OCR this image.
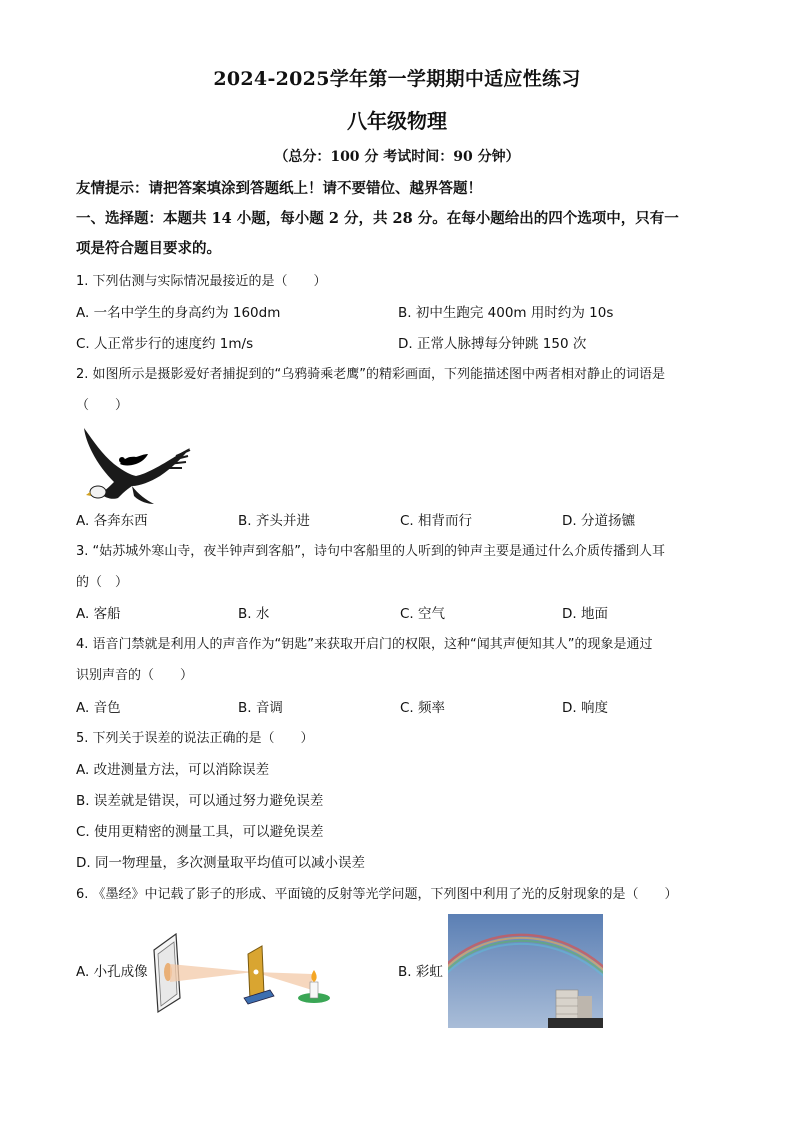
2024-2025学年第一学期期中适应性练习
八年级物理
（总分：100 分 考试时间：90 分钟）
友情提示：请把答案填涂到答题纸上！请不要错位、越界答题！
一、选择题：本题共 14 小题，每小题 2 分，共 28 分。在每小题给出的四个选项中，只有一
项是符合题目要求的。
1. 下列估测与实际情况最接近的是（　　）
A. 一名中学生的身高约为 160dm	B. 初中生跑完 400m 用时约为 10s
C. 人正常步行的速度约 1m/s	D. 正常人脉搏每分钟跳 150 次
2. 如图所示是摄影爱好者捕捉到的“乌鸦骑乘老鹰”的精彩画面，下列能描述图中两者相对静止的词语是
（　　）
A. 各奔东西	B. 齐头并进	C. 相背而行	D. 分道扬镳
3. “姑苏城外寒山寺，夜半钟声到客船”，诗句中客船里的人听到的钟声主要是通过什么介质传播到人耳
的（　）
A. 客船	B. 水	C. 空气	D. 地面
4. 语音门禁就是利用人的声音作为“钥匙”来获取开启门的权限，这种“闻其声便知其人”的现象是通过
识别声音的（　　）
A. 音色	B. 音调	C. 频率	D. 响度
5. 下列关于误差的说法正确的是（　　）
A. 改进测量方法，可以消除误差
B. 误差就是错误，可以通过努力避免误差
C. 使用更精密的测量工具，可以避免误差
D. 同一物理量，多次测量取平均值可以减小误差
6. 《墨经》中记载了影子的形成、平面镜的反射等光学问题，下列图中利用了光的反射现象的是（　　）
A. 小孔成像	B. 彩虹
